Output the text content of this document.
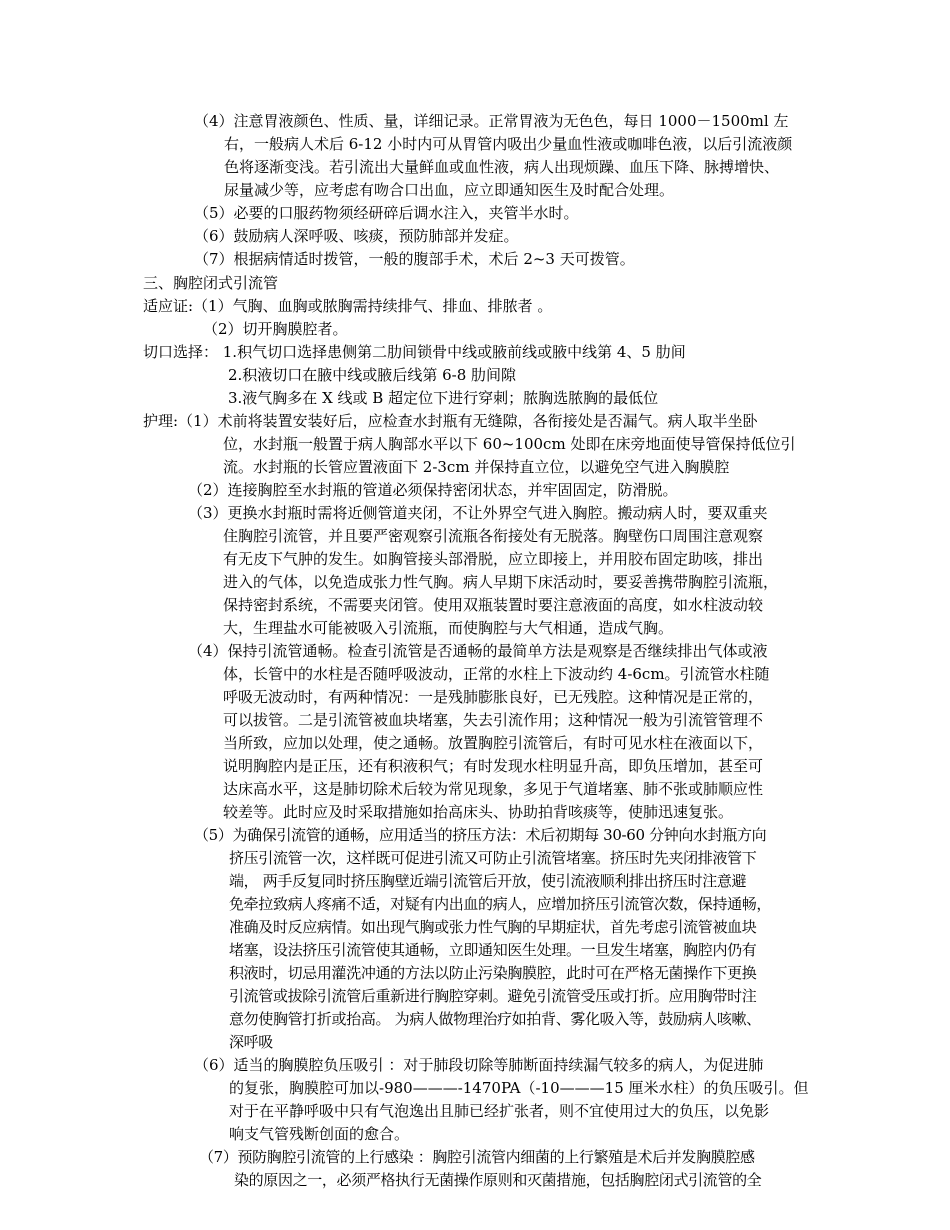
（4）注意胃液颜色、性质、量，详细记录。正常胃液为无色色，每日 1000－1500ml 左
右，一般病人术后 6-12 小时内可从胃管内吸出少量血性液或咖啡色液，以后引流液颜
色将逐渐变浅。若引流出大量鲜血或血性液，病人出现烦躁、血压下降、脉搏增快、
尿量减少等，应考虑有吻合口出血，应立即通知医生及时配合处理。
（5）必要的口服药物须经研碎后调水注入，夹管半水时。
（6）鼓励病人深呼吸、咳痰，预防肺部并发症。
（7）根据病情适时拨管，一般的腹部手术，术后 2~3 天可拨管。
三、胸腔闭式引流管
适应证:（1）气胸、血胸或脓胸需持续排气、排血、排脓者 。
（2）切开胸膜腔者。
切口选择： 1.积气切口选择患侧第二肋间锁骨中线或腋前线或腋中线第 4、5 肋间
2.积液切口在腋中线或腋后线第 6-8 肋间隙
3.液气胸多在 X 线或 B 超定位下进行穿刺；脓胸选脓胸的最低位
护理:（1）术前将装置安装好后，应检查水封瓶有无缝隙，各衔接处是否漏气。病人取半坐卧
位，水封瓶一般置于病人胸部水平以下 60~100cm 处即在床旁地面使导管保持低位引
流。水封瓶的长管应置液面下 2-3cm 并保持直立位，以避免空气进入胸膜腔
（2）连接胸腔至水封瓶的管道必须保持密闭状态，并牢固固定，防滑脱。
（3）更换水封瓶时需将近侧管道夹闭，不让外界空气进入胸腔。搬动病人时，要双重夹
住胸腔引流管，并且要严密观察引流瓶各衔接处有无脱落。胸壁伤口周围注意观察
有无皮下气肿的发生。如胸管接头部滑脱，应立即接上，并用胶布固定助咳，排出
进入的气体，以免造成张力性气胸。病人早期下床活动时，要妥善携带胸腔引流瓶，
保持密封系统，不需要夹闭管。使用双瓶装置时要注意液面的高度，如水柱波动较
大，生理盐水可能被吸入引流瓶，而使胸腔与大气相通，造成气胸。
（4）保持引流管通畅。检查引流管是否通畅的最简单方法是观察是否继续排出气体或液
体，长管中的水柱是否随呼吸波动，正常的水柱上下波动约 4-6cm。引流管水柱随
呼吸无波动时，有两种情况：一是残肺膨胀良好，已无残腔。这种情况是正常的，
可以拔管。二是引流管被血块堵塞，失去引流作用；这种情况一般为引流管管理不
当所致，应加以处理，使之通畅。放置胸腔引流管后，有时可见水柱在液面以下，
说明胸腔内是正压，还有积液积气；有时发现水柱明显升高，即负压增加，甚至可
达床高水平，这是肺切除术后较为常见现象，多见于气道堵塞、肺不张或肺顺应性
较差等。此时应及时采取措施如抬高床头、协助拍背咳痰等，使肺迅速复张。
（5）为确保引流管的通畅，应用适当的挤压方法：术后初期每 30-60 分钟向水封瓶方向
挤压引流管一次，这样既可促进引流又可防止引流管堵塞。挤压时先夹闭排液管下
端， 两手反复同时挤压胸壁近端引流管后开放，使引流液顺利排出挤压时注意避
免牵拉致病人疼痛不适，对疑有内出血的病人，应增加挤压引流管次数，保持通畅，
准确及时反应病情。如出现气胸或张力性气胸的早期症状，首先考虑引流管被血块
堵塞，设法挤压引流管使其通畅，立即通知医生处理。一旦发生堵塞，胸腔内仍有
积液时，切忌用灌洗冲通的方法以防止污染胸膜腔，此时可在严格无菌操作下更换
引流管或拔除引流管后重新进行胸腔穿刺。避免引流管受压或打折。应用胸带时注
意勿使胸管打折或抬高。 为病人做物理治疗如拍背、雾化吸入等，鼓励病人咳嗽、
深呼吸
（6）适当的胸膜腔负压吸引 ：对于肺段切除等肺断面持续漏气较多的病人，为促进肺
的复张，胸膜腔可加以-980———-1470PA（-10———15 厘米水柱）的负压吸引。但
对于在平静呼吸中只有气泡逸出且肺已经扩张者，则不宜使用过大的负压，以免影
响支气管残断创面的愈合。
（7）预防胸腔引流管的上行感染 ：胸腔引流管内细菌的上行繁殖是术后并发胸膜腔感
染的原因之一，必须严格执行无菌操作原则和灭菌措施，包括胸腔闭式引流管的全
